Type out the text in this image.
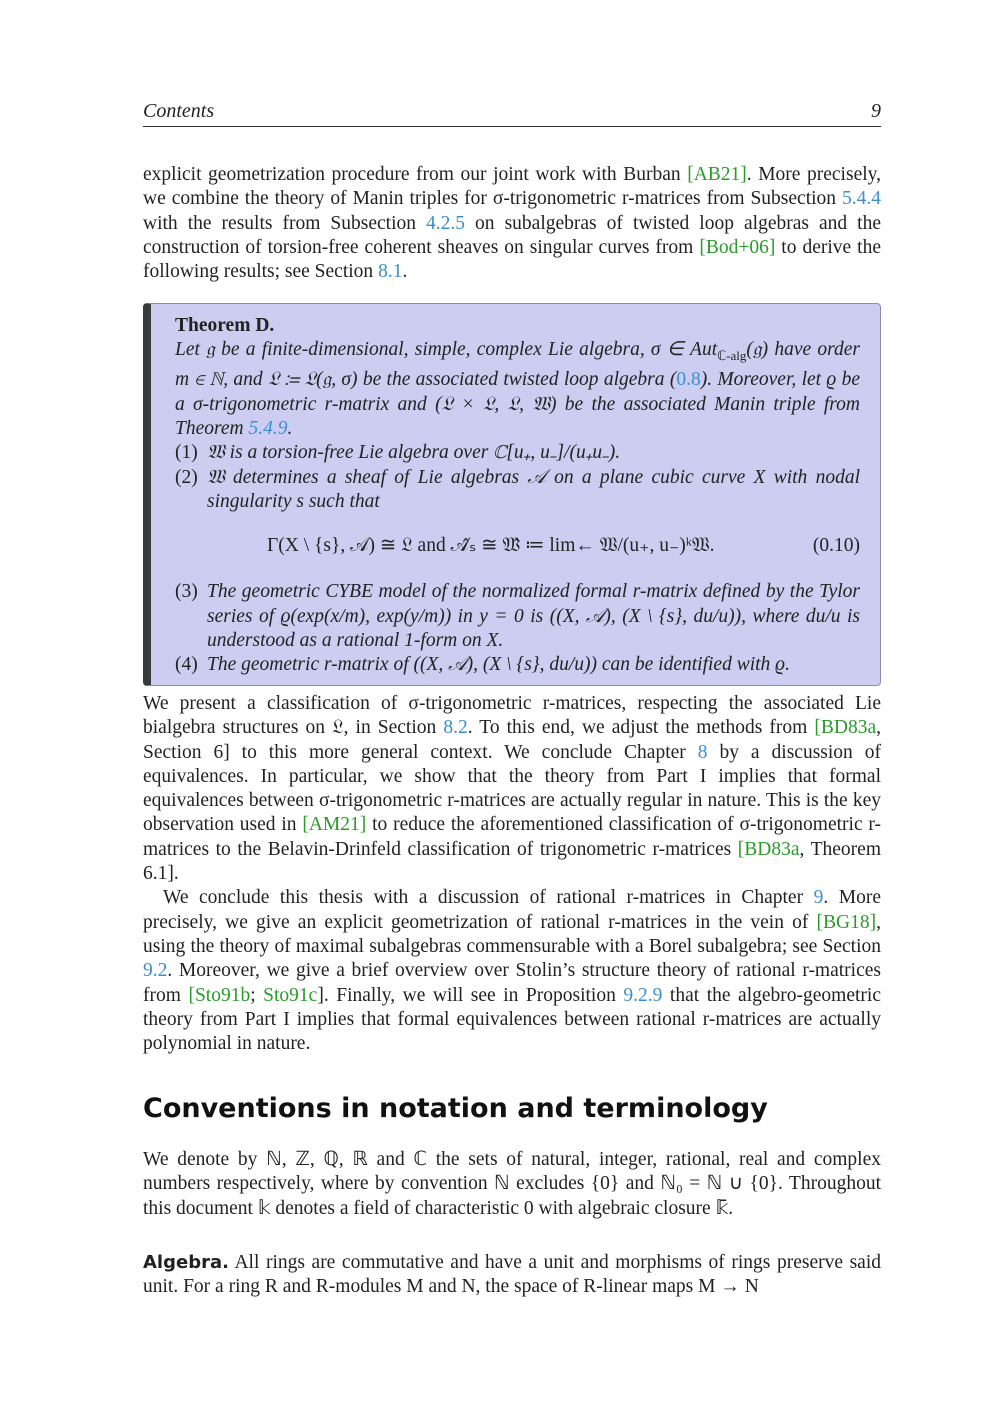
Contents	9

explicit geometrization procedure from our joint work with Burban [AB21]. More precisely, we combine the theory of Manin triples for σ-trigonometric r-matrices from Subsection 5.4.4 with the results from Subsection 4.2.5 on subalgebras of twisted loop algebras and the construction of torsion-free coherent sheaves on singular curves from [Bod+06] to derive the following results; see Section 8.1.

Theorem D.
Let 𝔤 be a finite-dimensional, simple, complex Lie algebra, σ ∈ Aut$_{ℂ-alg}$(𝔤) have order m ∈ ℕ, and 𝔏 ≔ 𝔏(𝔤, σ) be the associated twisted loop algebra (0.8). Moreover, let ϱ be a σ-trigonometric r-matrix and (𝔏 × 𝔏, 𝔏, 𝔚) be the associated Manin triple from Theorem 5.4.9.
(1) 𝔚 is a torsion-free Lie algebra over ℂ[u₊, u₋]/(u₊u₋).
(2) 𝔚 determines a sheaf of Lie algebras 𝒜 on a plane cubic curve X with nodal singularity s such that
Γ(X \ {s}, 𝒜) ≅ 𝔏 and 𝒜̂ₛ ≅ 𝔚̂ ≔ lim← 𝔚/(u₊, u₋)ᵏ𝔚.	(0.10)
(3) The geometric CYBE model of the normalized formal r-matrix defined by the Tylor series of ϱ(exp(x/m), exp(y/m)) in y = 0 is ((X, 𝒜), (X \ {s}, du/u)), where du/u is understood as a rational 1-form on X.
(4) The geometric r-matrix of ((X, 𝒜), (X \ {s}, du/u)) can be identified with ϱ.

We present a classification of σ-trigonometric r-matrices, respecting the associated Lie bialgebra structures on 𝔏, in Section 8.2. To this end, we adjust the methods from [BD83a, Section 6] to this more general context. We conclude Chapter 8 by a discussion of equivalences. In particular, we show that the theory from Part I implies that formal equivalences between σ-trigonometric r-matrices are actually regular in nature. This is the key observation used in [AM21] to reduce the aforementioned classification of σ-trigonometric r-matrices to the Belavin-Drinfeld classification of trigonometric r-matrices [BD83a, Theorem 6.1].

We conclude this thesis with a discussion of rational r-matrices in Chapter 9. More precisely, we give an explicit geometrization of rational r-matrices in the vein of [BG18], using the theory of maximal subalgebras commensurable with a Borel subalgebra; see Section 9.2. Moreover, we give a brief overview over Stolin’s structure theory of rational r-matrices from [Sto91b; Sto91c]. Finally, we will see in Proposition 9.2.9 that the algebro-geometric theory from Part I implies that formal equivalences between rational r-matrices are actually polynomial in nature.

Conventions in notation and terminology

We denote by ℕ, ℤ, ℚ, ℝ and ℂ the sets of natural, integer, rational, real and complex numbers respectively, where by convention ℕ excludes {0} and ℕ₀ = ℕ ∪ {0}. Throughout this document 𝕜 denotes a field of characteristic 0 with algebraic closure 𝕜̄.

Algebra. All rings are commutative and have a unit and morphisms of rings preserve said unit. For a ring R and R-modules M and N, the space of R-linear maps M → N
